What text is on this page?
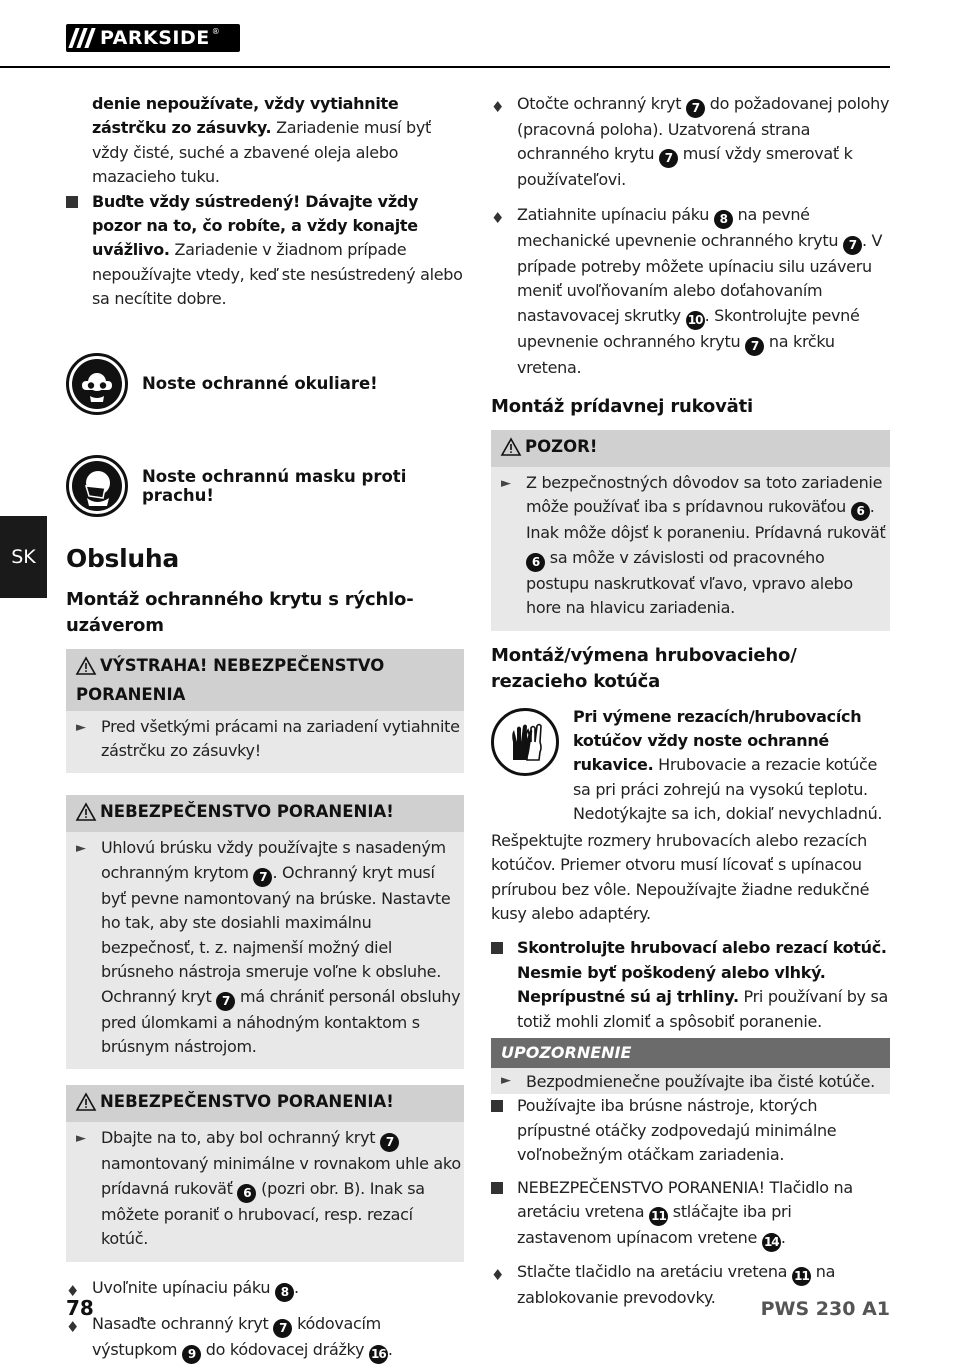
PARKSIDE ®
SK
denie nepoužívate, vždy vytiahnite zástrčku zo zásuvky. Zariadenie musí byť vždy čisté, suché a zbavené oleja alebo mazacieho tuku.
Buďte vždy sústredený! Dávajte vždy pozor na to, čo robíte, a vždy konajte uvážlivo. Zariadenie v žiadnom prípade nepoužívajte vtedy, keď ste nesústredený alebo sa necítite dobre.
Noste ochranné okuliare!
Noste ochrannú masku proti prachu!
Obsluha
Montáž ochranného krytu s rýchlo-uzáverom
VÝSTRAHA! NEBEZPEČENSTVO PORANENIA
► Pred všetkými prácami na zariadení vytiahnite zástrčku zo zásuvky!
NEBEZPEČENSTVO PORANENIA!
► Uhlovú brúsku vždy používajte s nasadeným ochranným krytom 7 . Ochranný kryt musí byť pevne namontovaný na brúske. Nastavte ho tak, aby ste dosiahli maximálnu bezpečnosť, t. z. najmenší možný diel brúsneho nástroja smeruje voľne k obsluhe.
Ochranný kryt 7 má chrániť personál obsluhy pred úlomkami a náhodným kontaktom s brúsnym nástrojom.
NEBEZPEČENSTVO PORANENIA!
► Dbajte na to, aby bol ochranný kryt 7 namontovaný minimálne v rovnakom uhle ako prídavná rukoväť 6 (pozri obr. B). Inak sa môžete poraniť o hrubovací, resp. rezací kotúč.
♦ Uvoľnite upínaciu páku 8 .
♦ Nasaďte ochranný kryt 7 kódovacím výstupkom 9 do kódovacej drážky 16 .
♦ Otočte ochranný kryt 7 do požadovanej polohy (pracovná poloha). Uzatvorená strana ochranného krytu 7 musí vždy smerovať k používateľovi.
♦ Zatiahnite upínaciu páku 8 na pevné mechanické upevnenie ochranného krytu 7 . V prípade potreby môžete upínaciu silu uzáveru meniť uvoľňovaním alebo doťahovaním nastavovacej skrutky 10 . Skontrolujte pevné upevnenie ochranného krytu 7 na krčku vretena.
Montáž prídavnej rukoväti
POZOR!
► Z bezpečnostných dôvodov sa toto zariadenie môže používať iba s prídavnou rukoväťou 6 . Inak môže dôjsť k poraneniu. Prídavná rukoväť 6 sa môže v závislosti od pracovného postupu naskrutkovať vľavo, vpravo alebo hore na hlavicu zariadenia.
Montáž/výmena hrubovacieho/ rezacieho kotúča
Pri výmene rezacích/hrubovacích kotúčov vždy noste ochranné rukavice. Hrubovacie a rezacie kotúče sa pri práci zohrejú na vysokú teplotu. Nedotýkajte sa ich, dokiaľ nevychladnú.
Rešpektujte rozmery hrubovacích alebo rezacích kotúčov. Priemer otvoru musí lícovať s upínacou prírubou bez vôle. Nepoužívajte žiadne redukčné kusy alebo adaptéry.
Skontrolujte hrubovací alebo rezací kotúč. Nesmie byť poškodený alebo vlhký. Neprípustné sú aj trhliny. Pri používaní by sa totiž mohli zlomiť a spôsobiť poranenie.
UPOZORNENIE
► Bezpodmienečne používajte iba čisté kotúče.
Používajte iba brúsne nástroje, ktorých prípustné otáčky zodpovedajú minimálne voľnobežným otáčkam zariadenia.
NEBEZPEČENSTVO PORANENIA! Tlačidlo na aretáciu vretena 11 stláčajte iba pri zastavenom upínacom vretene 14 .
♦ Stlačte tlačidlo na aretáciu vretena 11 na zablokovanie prevodovky.
78	PWS 230 A1
